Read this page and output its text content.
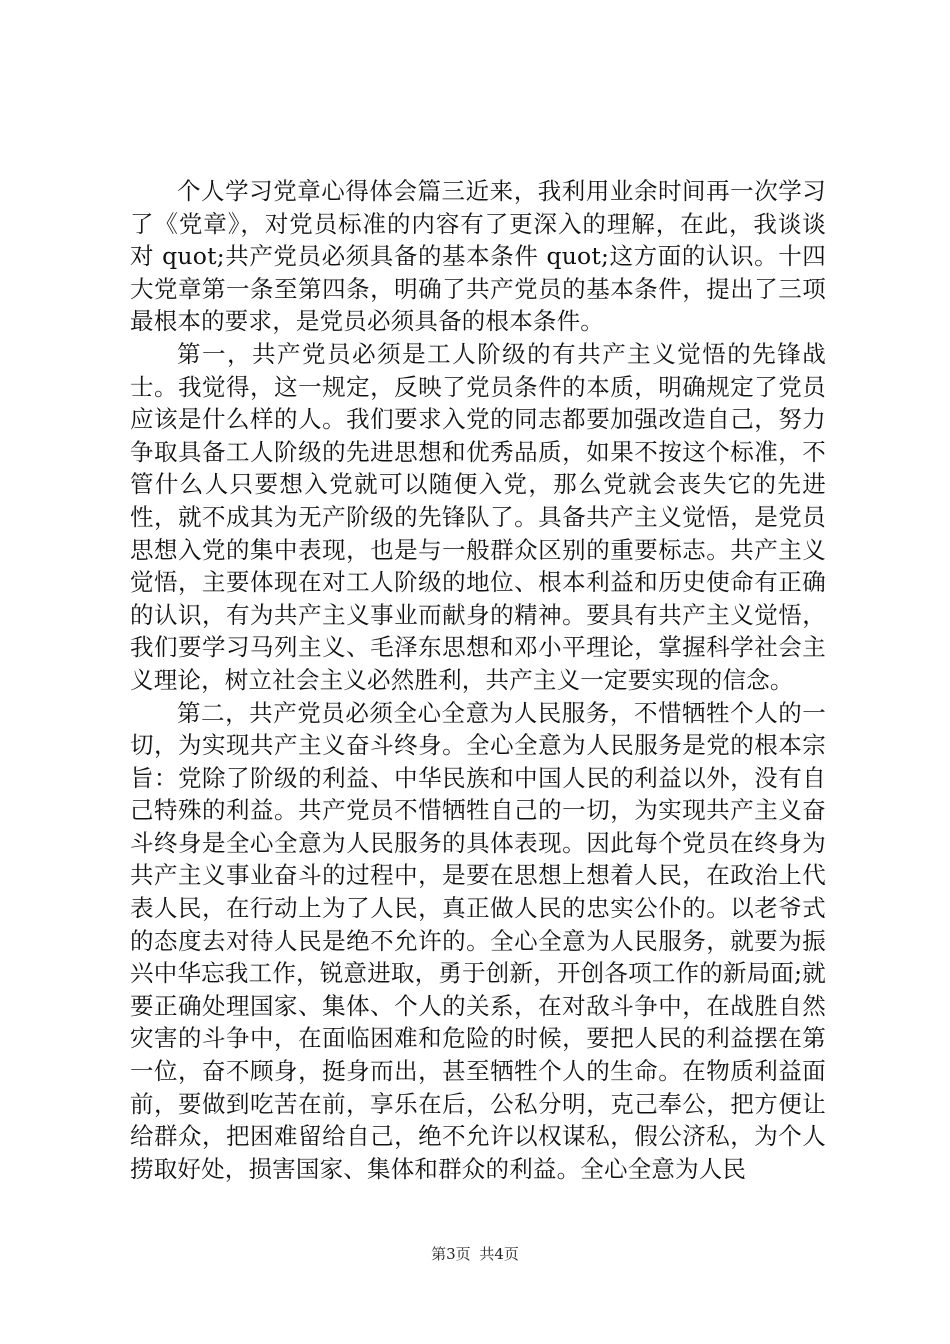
个人学习党章心得体会篇三近来，我利用业余时间再一次学习了《党章》，对党员标准的内容有了更深入的理解，在此，我谈谈对 quot;共产党员必须具备的基本条件 quot;这方面的认识。十四大党章第一条至第四条，明确了共产党员的基本条件，提出了三项最根本的要求，是党员必须具备的根本条件。

第一，共产党员必须是工人阶级的有共产主义觉悟的先锋战士。我觉得，这一规定，反映了党员条件的本质，明确规定了党员应该是什么样的人。我们要求入党的同志都要加强改造自己，努力争取具备工人阶级的先进思想和优秀品质，如果不按这个标准，不管什么人只要想入党就可以随便入党，那么党就会丧失它的先进性，就不成其为无产阶级的先锋队了。具备共产主义觉悟，是党员思想入党的集中表现，也是与一般群众区别的重要标志。共产主义觉悟，主要体现在对工人阶级的地位、根本利益和历史使命有正确的认识，有为共产主义事业而献身的精神。要具有共产主义觉悟，我们要学习马列主义、毛泽东思想和邓小平理论，掌握科学社会主义理论，树立社会主义必然胜利，共产主义一定要实现的信念。

第二，共产党员必须全心全意为人民服务，不惜牺牲个人的一切，为实现共产主义奋斗终身。全心全意为人民服务是党的根本宗旨：党除了阶级的利益、中华民族和中国人民的利益以外，没有自己特殊的利益。共产党员不惜牺牲自己的一切，为实现共产主义奋斗终身是全心全意为人民服务的具体表现。因此每个党员在终身为共产主义事业奋斗的过程中，是要在思想上想着人民，在政治上代表人民，在行动上为了人民，真正做人民的忠实公仆的。以老爷式的态度去对待人民是绝不允许的。全心全意为人民服务，就要为振兴中华忘我工作，锐意进取，勇于创新，开创各项工作的新局面;就要正确处理国家、集体、个人的关系，在对敌斗争中，在战胜自然灾害的斗争中，在面临困难和危险的时候，要把人民的利益摆在第一位，奋不顾身，挺身而出，甚至牺牲个人的生命。在物质利益面前，要做到吃苦在前，享乐在后，公私分明，克己奉公，把方便让给群众，把困难留给自己，绝不允许以权谋私，假公济私，为个人捞取好处，损害国家、集体和群众的利益。全心全意为人民

第3页 共4页
